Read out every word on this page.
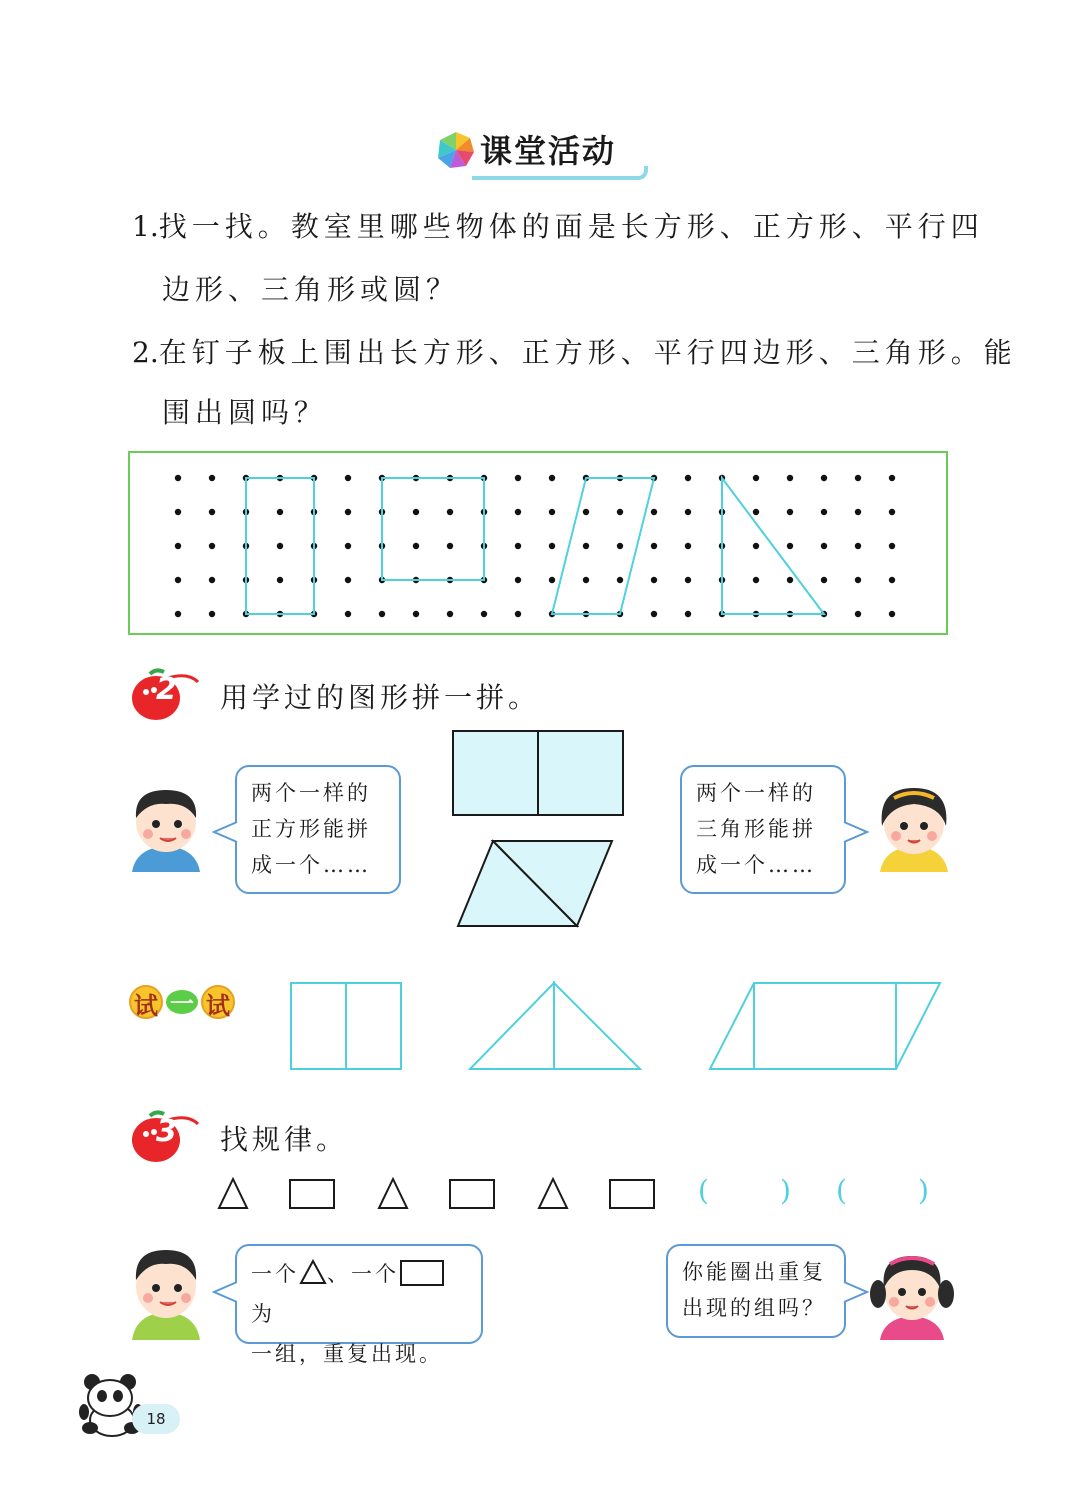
课堂活动
1.找一找。教室里哪些物体的面是长方形、正方形、平行四
边形、三角形或圆？
2.在钉子板上围出长方形、正方形、平行四边形、三角形。能
围出圆吗？
2 用学过的图形拼一拼。
两个一样的
正方形能拼
成一个……
两个一样的
三角形能拼
成一个……
试 一 试
3 找规律。
(	) (	)
一个 、一个为
一组，重复出现。
你能圈出重复
出现的组吗？
18
